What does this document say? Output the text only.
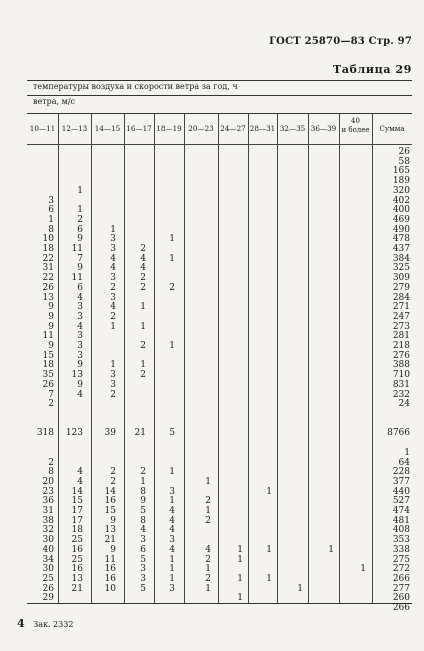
ГОСТ 25870—83 Стр. 97
Таблица 29
температуры воздуха и скорости ветра за год, ч
ветра, м/с
10—11

3
6
1
8
10
18
22
31
22
26
13
9
9
9
11
9
15
18
35
26
7
2

318

2
8
20
23
36
31
38
32
30
40
34
30
25
26
29
12—13

1

1
2
6
9
11
7
9
11
6
4
3
3
4
3
3
3
9
13
9
4

123

4
4
14
15
17
17
18
25
16
25
16
13
21
14—15

1
3
3
4
4
3
2
3
4
2
1

1
3
3
2

39

2
2
14
16
15
9
13
21
9
11
16
16
10
16—17

2
4
4
2
2

1

1

2

1
2

21

2
1
8
9
5
8
4
3
6
5
3
3
5
18—19

1

1

2

1

5

1

3
1
4
4
4
3
4
1
1
1
3
20—23

1

2
1
2

4
2
1
2
1
24—27

1
1

1

1
28—31

1

1

1

32—35

1
36—39

1

40
и более

1

Сумма
26
58
165
189
320
402
400
469
490
478
437
384
325
309
279
284
271
247
273
281
218
276
388
710
831
232
24

8766

1
64
228
377
440
527
474
481
408
353
338
275
272
266
277
260
266
4 Зак. 2332
